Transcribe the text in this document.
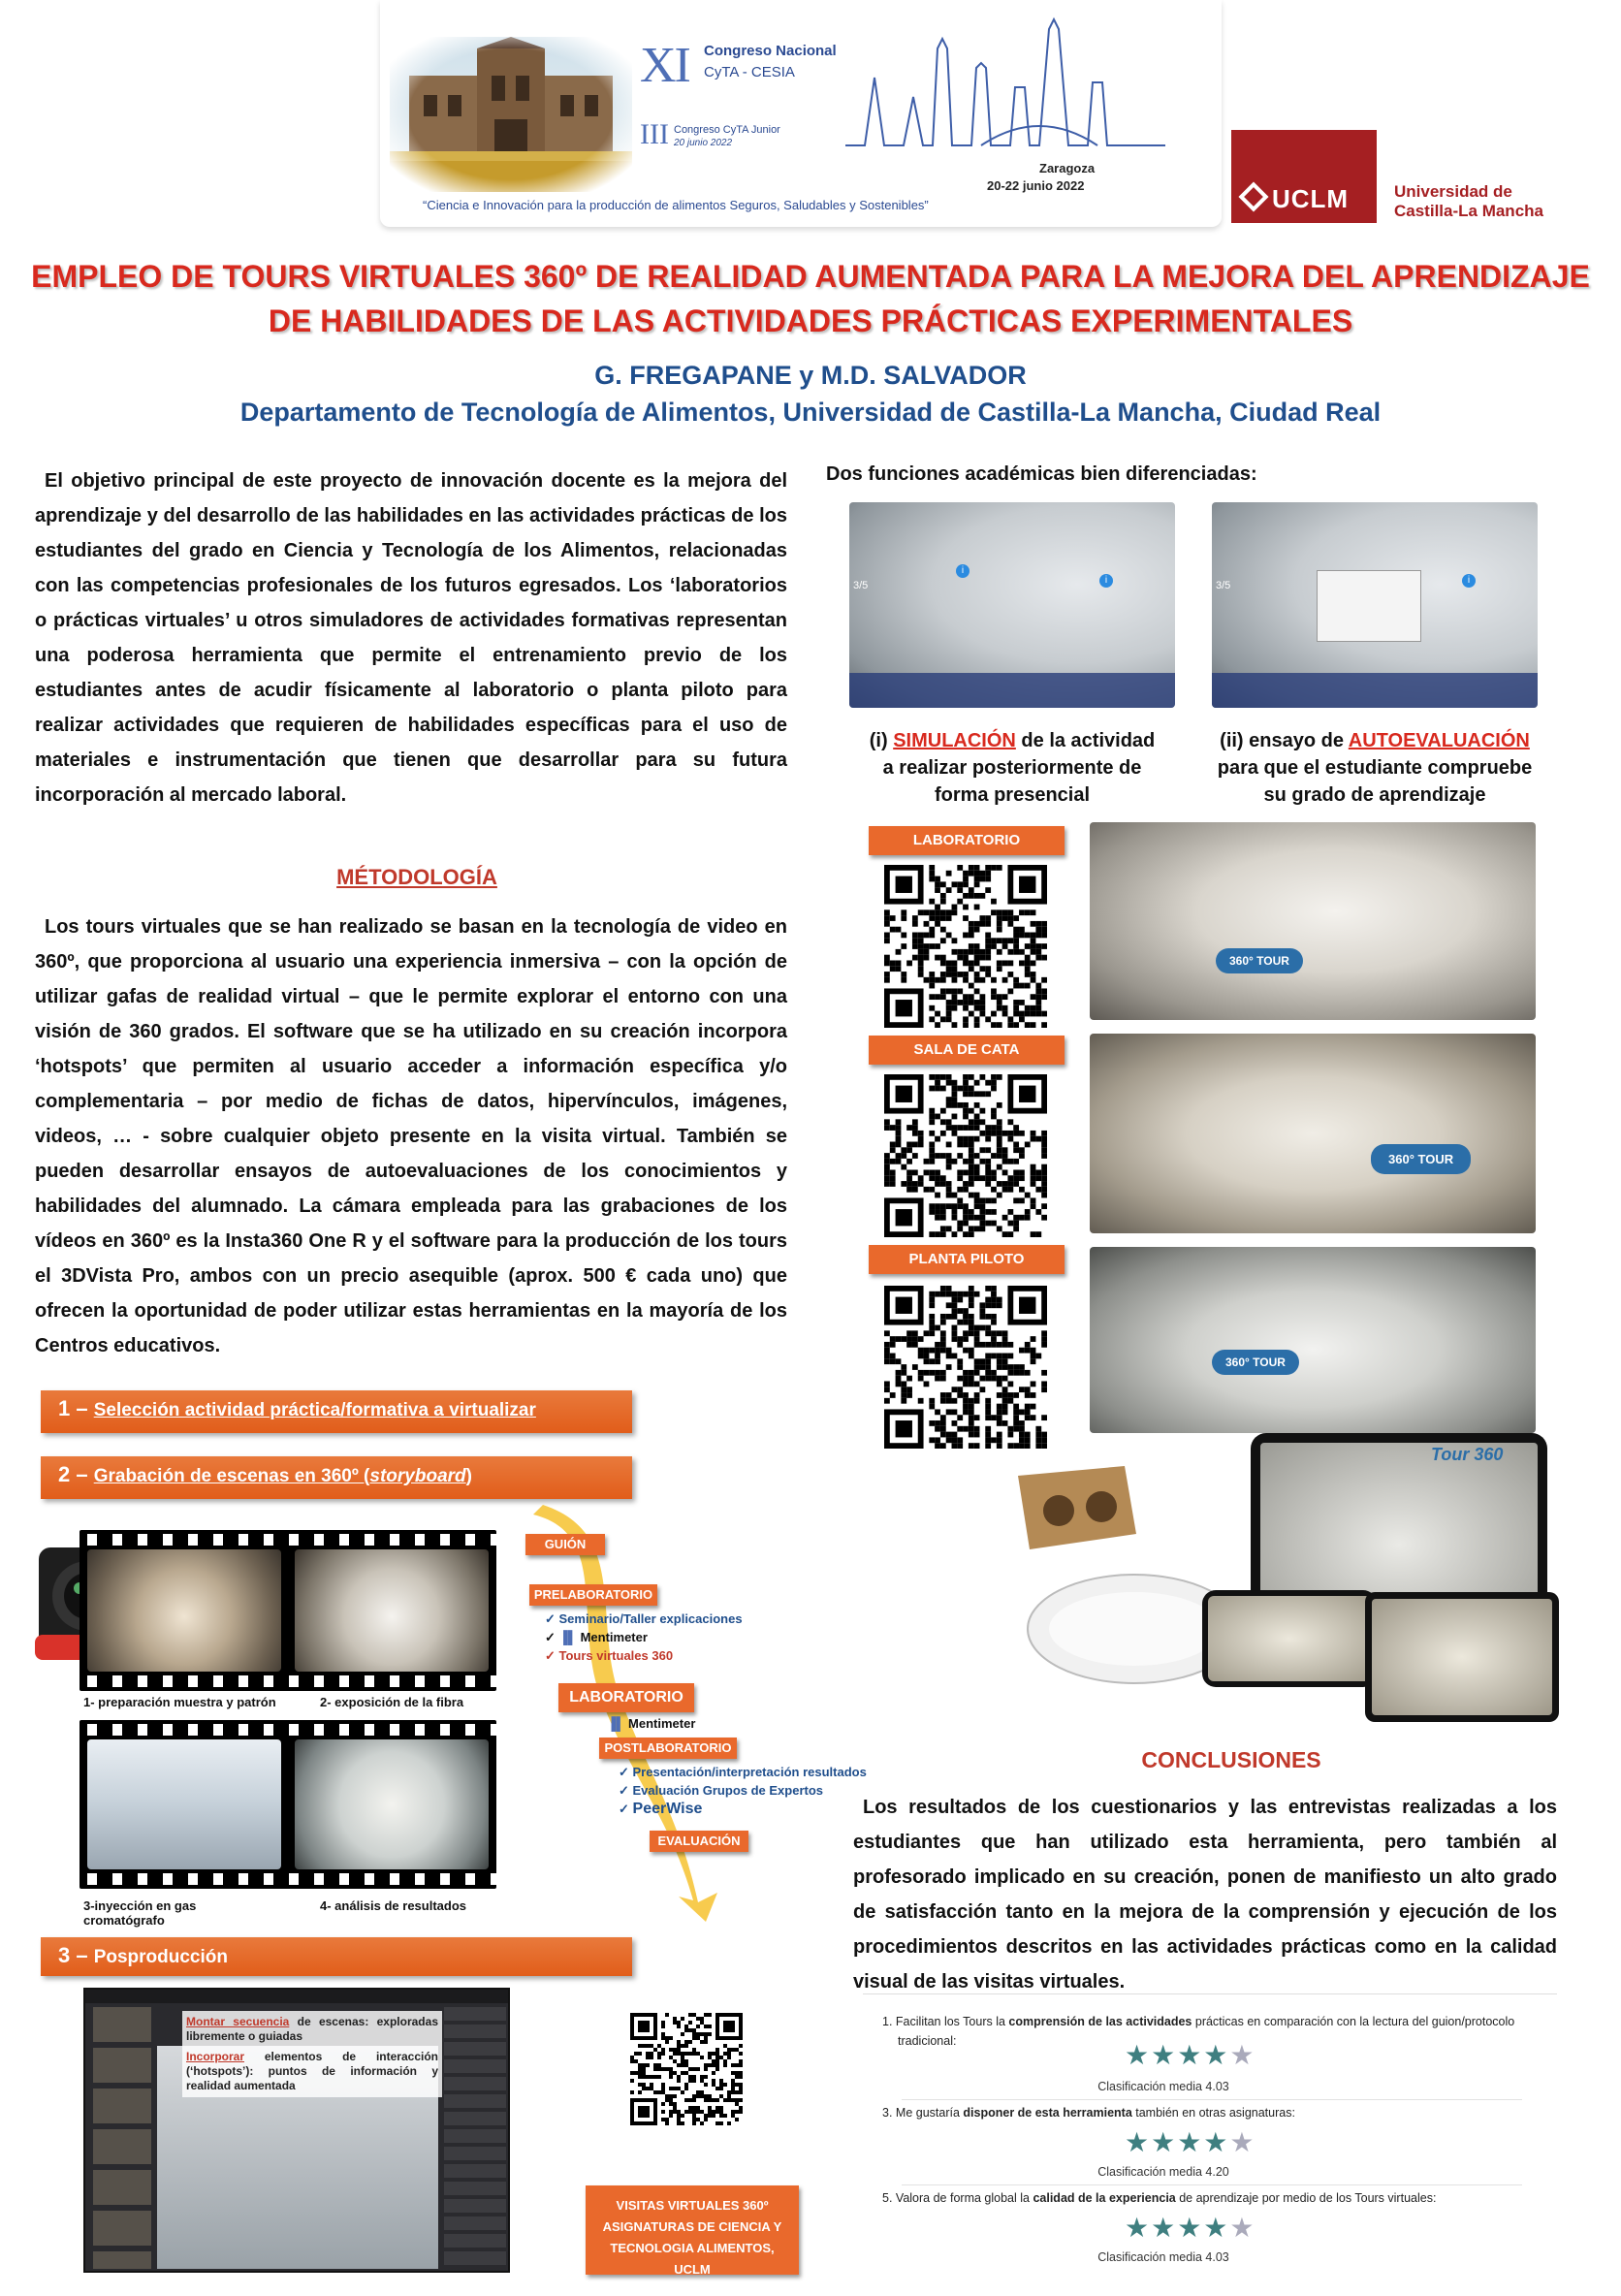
XI Congreso Nacional
CyTA - CESIA
III Congreso CyTA Junior
20 junio 2022
Zaragoza
20-22 junio 2022
“Ciencia e Innovación para la producción de alimentos Seguros, Saludables y Sostenibles”	UCLM	Universidad de
Castilla-La Mancha
EMPLEO DE TOURS VIRTUALES 360º DE REALIDAD AUMENTADA PARA LA MEJORA DEL APRENDIZAJE
DE HABILIDADES DE LAS ACTIVIDADES PRÁCTICAS EXPERIMENTALES
G. FREGAPANE y M.D. SALVADOR
Departamento de Tecnología de Alimentos, Universidad de Castilla-La Mancha, Ciudad Real
El objetivo principal de este proyecto de innovación docente es la mejora del aprendizaje y del desarrollo de las habilidades en las actividades prácticas de los estudiantes del grado en Ciencia y Tecnología de los Alimentos, relacionadas con las competencias profesionales de los futuros egresados. Los ‘laboratorios o prácticas virtuales’ u otros simuladores de actividades formativas representan una poderosa herramienta que permite el entrenamiento previo de los estudiantes antes de acudir físicamente al laboratorio o planta piloto para realizar actividades que requieren de habilidades específicas para el uso de materiales e instrumentación que tienen que desarrollar para su futura incorporación al mercado laboral.
MÉTODOLOGÍA
Los tours virtuales que se han realizado se basan en la tecnología de video en 360º, que proporciona al usuario una experiencia inmersiva – con la opción de utilizar gafas de realidad virtual – que le permite explorar el entorno con una visión de 360 grados. El software que se ha utilizado en su creación incorpora ‘hotspots’ que permiten al usuario acceder a información específica y/o complementaria – por medio de fichas de datos, hipervínculos, imágenes, videos, … - sobre cualquier objeto presente en la visita virtual. También se pueden desarrollar ensayos de autoevaluaciones de los conocimientos y habilidades del alumnado. La cámara empleada para las grabaciones de los vídeos en 360º es la Insta360 One R y el software para la producción de los tours el 3DVista Pro, ambos con un precio asequible (aprox. 500 € cada uno) que ofrecen la oportunidad de poder utilizar estas herramientas en la mayoría de los Centros educativos.
1 – Selección actividad práctica/formativa a virtualizar
2 – Grabación de escenas en 360º (storyboard)
1- preparación muestra y patrón	2- exposición de la fibra
3-inyección en gas cromatógrafo
4- análisis de resultados
GUIÓN
PRELABORATORIO
✓ Seminario/Taller explicaciones
✓ ▐▌ Mentimeter
✓ Tours virtuales 360
LABORATORIO
▐▌ Mentimeter
POSTLABORATORIO
✓ Presentación/interpretación resultados
✓ Evaluación Grupos de Expertos
✓ PeerWise
EVALUACIÓN
3 – Posproducción
Montar secuencia de escenas: exploradas libremente o guiadas
Incorporar elementos de interacción (‘hotspots’): puntos de información y realidad aumentada
VISITAS VIRTUALES 360º ASIGNATURAS DE CIENCIA Y TECNOLOGIA ALIMENTOS, UCLM
Dos funciones académicas bien diferenciadas:
3/5
i
i	3/5	i
(i) SIMULACIÓN de la actividad
a realizar posteriormente de
forma presencial
(ii) ensayo de AUTOEVALUACIÓN
para que el estudiante compruebe
su grado de aprendizaje
LABORATORIO
360° TOUR
SALA DE CATA
360° TOUR
PLANTA PILOTO
360° TOUR
Tour 360
CONCLUSIONES
Los resultados de los cuestionarios y las entrevistas realizadas a los estudiantes que han utilizado esta herramienta, pero también al profesorado implicado en su creación, ponen de manifiesto un alto grado de satisfacción tanto en la mejora de la comprensión y ejecución de los procedimientos descritos en las actividades prácticas como en la calidad visual de las visitas virtuales.
1. Facilitan los Tours la comprensión de las actividades prácticas en comparación con la lectura del guion/protocolo tradicional:	★★★★★
Clasificación media 4.03
3. Me gustaría disponer de esta herramienta también en otras asignaturas:
★★★★★
Clasificación media 4.20
5. Valora de forma global la calidad de la experiencia de aprendizaje por medio de los Tours virtuales:
★★★★★
Clasificación media 4.03
